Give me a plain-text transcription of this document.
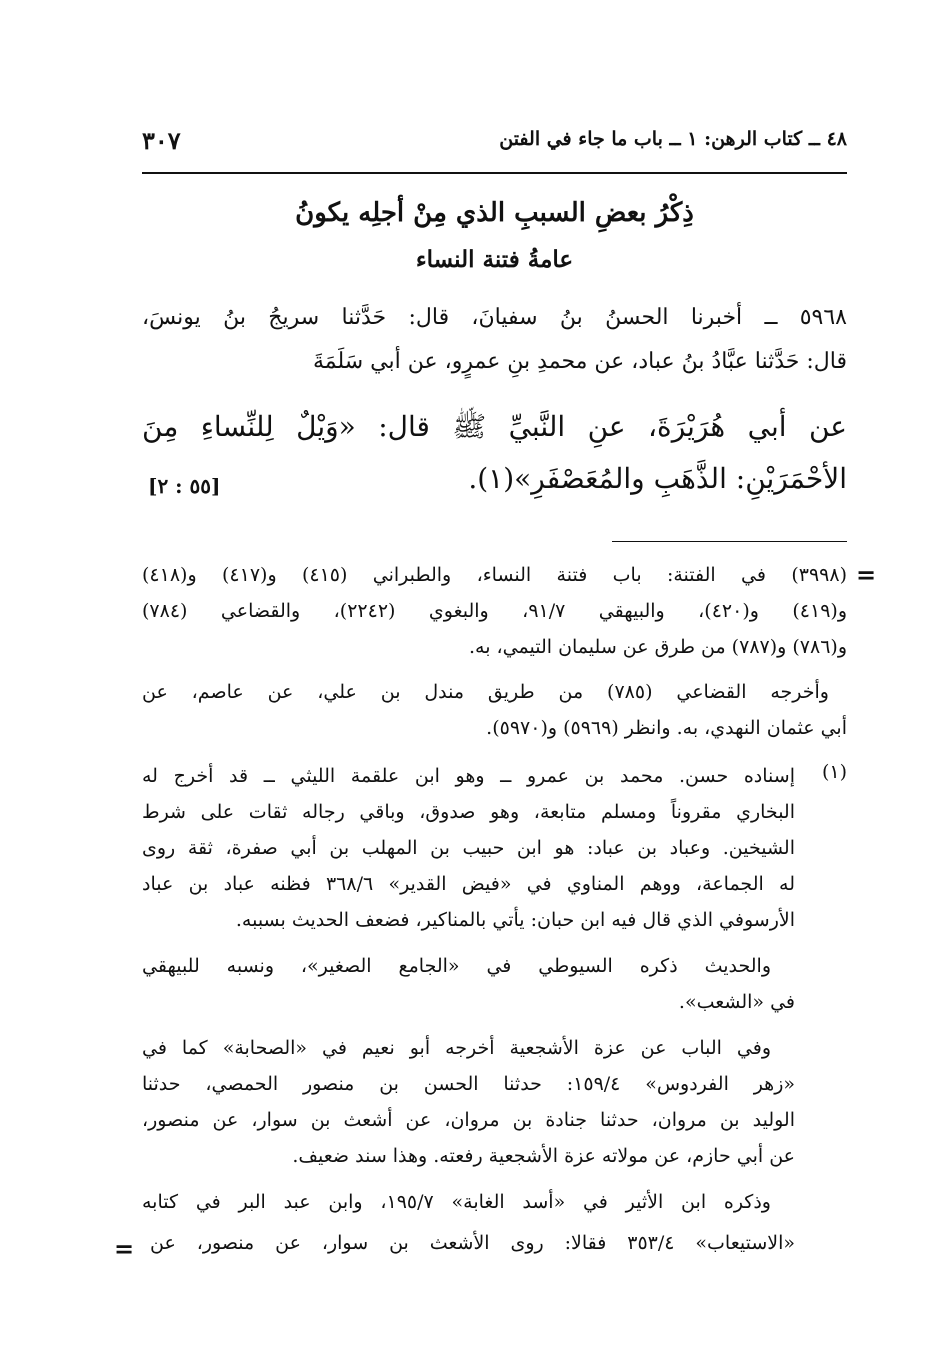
٤٨ ــ كتاب الرهن: ١ ــ باب ما جاء في الفتن
٣٠٧
ذِكْرُ بعضِ السببِ الذي مِنْ أجلِه يكونُ
عامةُ فتنة النساء
٥٩٦٨ ــ أخبرنا الحسنُ بنُ سفيانَ، قال: حَدَّثنا سريجُ بنُ يونسَ،
قال: حَدَّثنا عبَّادُ بنُ عباد، عن محمدِ بنِ عمرٍو، عن أبي سَلَمَةَ
عن أبي هُرَيْرَةَ، عنِ النَّبيِّ ﷺ قال: «وَيْلٌ لِلنِّساءِ مِنَ
الأحْمَرَيْنِ: الذَّهَبِ والمُعَصْفَرِ»(١).
[٥٥ : ٢]
=
(٣٩٩٨) في الفتنة: باب فتنة النساء، والطبراني (٤١٥) و(٤١٧) و(٤١٨)
و(٤١٩) و(٤٢٠)، والبيهقي ٩١/٧، والبغوي (٢٢٤٢)، والقضاعي (٧٨٤)
و(٧٨٦) و(٧٨٧) من طرق عن سليمان التيمي، به.
وأخرجه القضاعي (٧٨٥) من طريق مندل بن علي، عن عاصم، عن
أبي عثمان النهدي، به. وانظر (٥٩٦٩) و(٥٩٧٠).
(١)
إسناده حسن. محمد بن عمرو ــ وهو ابن علقمة الليثي ــ قد أخرج له
البخاري مقروناً ومسلم متابعة، وهو صدوق، وباقي رجاله ثقات على شرط
الشيخين. وعباد بن عباد: هو ابن حبيب بن المهلب بن أبي صفرة، ثقة روى
له الجماعة، ووهم المناوي في «فيض القدير» ٣٦٨/٦ فظنه عباد بن عباد
الأرسوفي الذي قال فيه ابن حبان: يأتي بالمناكير، فضعف الحديث بسببه.
والحديث ذكره السيوطي في «الجامع الصغير»، ونسبه للبيهقي
في «الشعب».
وفي الباب عن عزة الأشجعية أخرجه أبو نعيم في «الصحابة» كما في
«زهر الفردوس» ١٥٩/٤: حدثنا الحسن بن منصور الحمصي، حدثنا
الوليد بن مروان، حدثنا جنادة بن مروان، عن أشعث بن سوار، عن منصور،
عن أبي حازم، عن مولاته عزة الأشجعية رفعته. وهذا سند ضعيف.
وذكره ابن الأثير في «أسد الغابة» ١٩٥/٧، وابن عبد البر في كتابه
«الاستيعاب» ٣٥٣/٤ فقالا: روى الأشعث بن سوار، عن منصور، عن
=
